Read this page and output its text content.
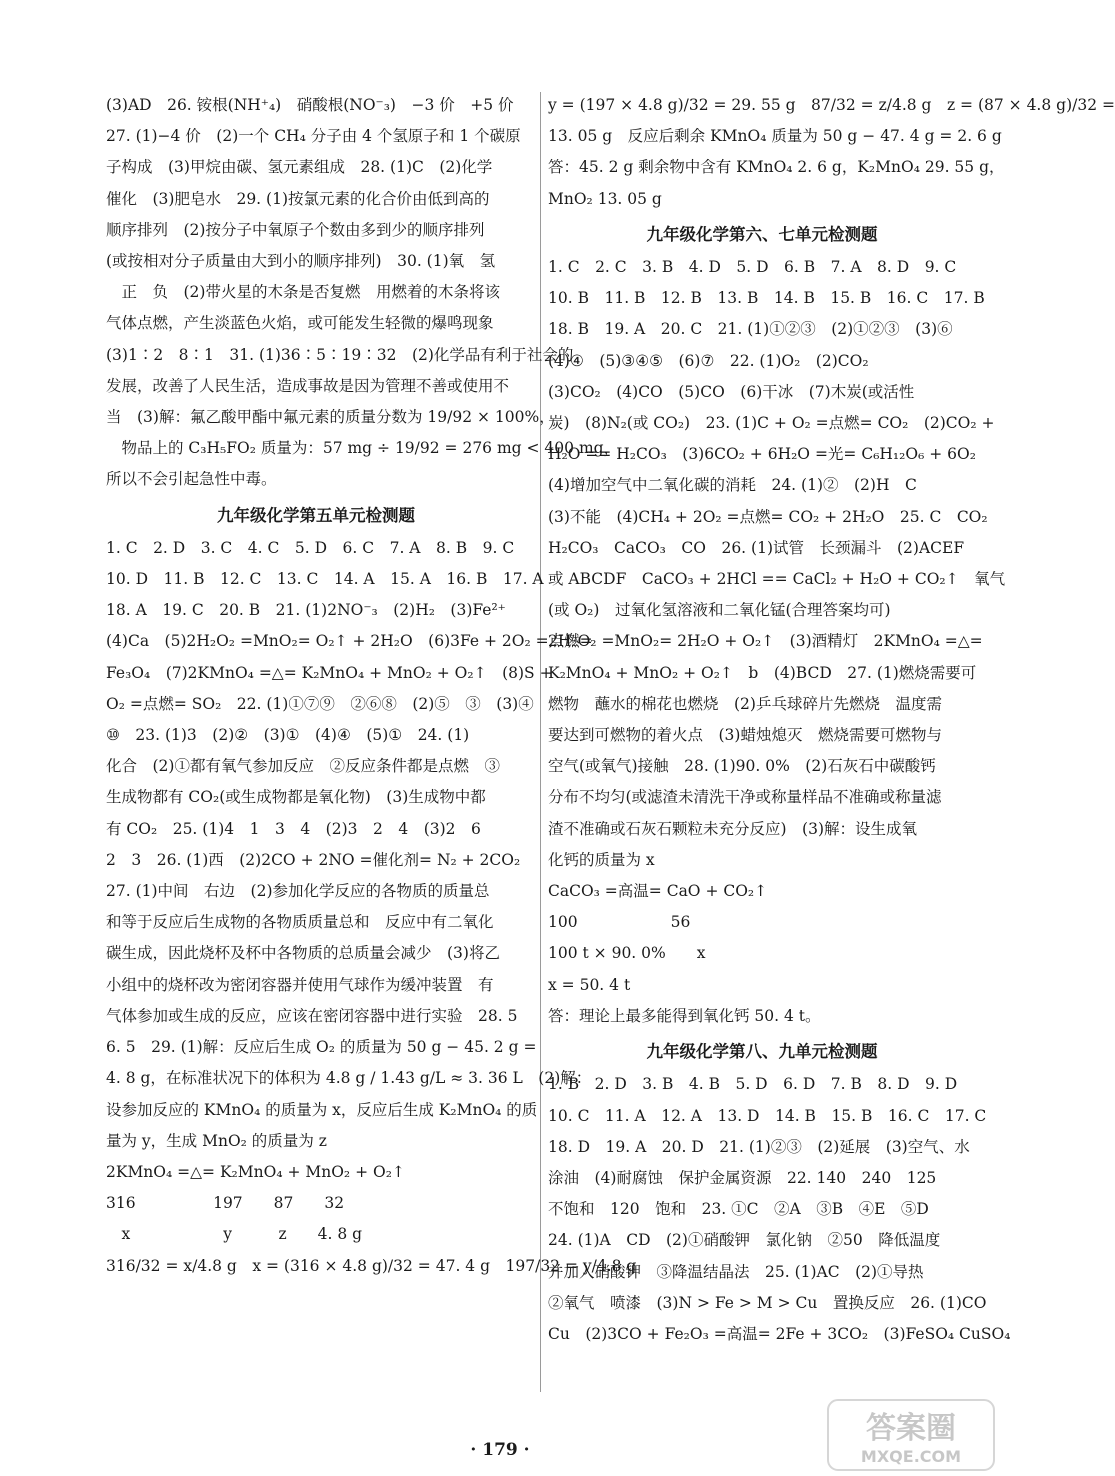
(3)AD　26. 铵根(NH⁺₄)　硝酸根(NO⁻₃)　−3 价　+5 价
27. (1)−4 价　(2)一个 CH₄ 分子由 4 个氢原子和 1 个碳原
子构成　(3)甲烷由碳、氢元素组成　28. (1)C　(2)化学
催化　(3)肥皂水　29. (1)按氯元素的化合价由低到高的
顺序排列　(2)按分子中氧原子个数由多到少的顺序排列
(或按相对分子质量由大到小的顺序排列)　30. (1)氧　氢
　正　负　(2)带火星的木条是否复燃　用燃着的木条将该
气体点燃，产生淡蓝色火焰，或可能发生轻微的爆鸣现象
(3)1∶2　8∶1　31. (1)36∶5∶19∶32　(2)化学品有利于社会的
发展，改善了人民生活，造成事故是因为管理不善或使用不
当　(3)解：氟乙酸甲酯中氟元素的质量分数为 19/92 × 100%，
　物品上的 C₃H₅FO₂ 质量为：57 mg ÷ 19/92 = 276 mg < 400 mg，
所以不会引起急性中毒。
九年级化学第五单元检测题
1. C　2. D　3. C　4. C　5. D　6. C　7. A　8. B　9. C
10. D　11. B　12. C　13. C　14. A　15. A　16. B　17. A
18. A　19. C　20. B　21. (1)2NO⁻₃　(2)H₂　(3)Fe²⁺
(4)Ca　(5)2H₂O₂ =MnO₂= O₂↑ + 2H₂O　(6)3Fe + 2O₂ =点燃=
Fe₃O₄　(7)2KMnO₄ =△= K₂MnO₄ + MnO₂ + O₂↑　(8)S +
O₂ =点燃= SO₂　22. (1)①⑦⑨　②⑥⑧　(2)⑤　③　(3)④
⑩　23. (1)3　(2)②　(3)①　(4)④　(5)①　24. (1)
化合　(2)①都有氧气参加反应　②反应条件都是点燃　③
生成物都有 CO₂(或生成物都是氧化物)　(3)生成物中都
有 CO₂　25. (1)4　1　3　4　(2)3　2　4　(3)2　6
2　3　26. (1)西　(2)2CO + 2NO =催化剂= N₂ + 2CO₂
27. (1)中间　右边　(2)参加化学反应的各物质的质量总
和等于反应后生成物的各物质质量总和　反应中有二氧化
碳生成，因此烧杯及杯中各物质的总质量会减少　(3)将乙
小组中的烧杯改为密闭容器并使用气球作为缓冲装置　有
气体参加或生成的反应，应该在密闭容器中进行实验　28. 5
6. 5　29. (1)解：反应后生成 O₂ 的质量为 50 g − 45. 2 g =
4. 8 g，在标准状况下的体积为 4.8 g / 1.43 g/L ≈ 3. 36 L　(2)解：
设参加反应的 KMnO₄ 的质量为 x，反应后生成 K₂MnO₄ 的质
量为 y，生成 MnO₂ 的质量为 z
2KMnO₄ =△= K₂MnO₄ + MnO₂ + O₂↑
316　　　　　197　　87　　32
　x　　　　　　y　　　z　　4. 8 g
316/32 = x/4.8 g　x = (316 × 4.8 g)/32 = 47. 4 g　197/32 = y/4.8 g
y = (197 × 4.8 g)/32 = 29. 55 g　87/32 = z/4.8 g　z = (87 × 4.8 g)/32 =
13. 05 g　反应后剩余 KMnO₄ 质量为 50 g − 47. 4 g = 2. 6 g
答：45. 2 g 剩余物中含有 KMnO₄ 2. 6 g，K₂MnO₄ 29. 55 g，
MnO₂ 13. 05 g
九年级化学第六、七单元检测题
1. C　2. C　3. B　4. D　5. D　6. B　7. A　8. D　9. C
10. B　11. B　12. B　13. B　14. B　15. B　16. C　17. B
18. B　19. A　20. C　21. (1)①②③　(2)①②③　(3)⑥
(4)④　(5)③④⑤　(6)⑦　22. (1)O₂　(2)CO₂
(3)CO₂　(4)CO　(5)CO　(6)干冰　(7)木炭(或活性
炭)　(8)N₂(或 CO₂)　23. (1)C + O₂ =点燃= CO₂　(2)CO₂ +
H₂O == H₂CO₃　(3)6CO₂ + 6H₂O =光= C₆H₁₂O₆ + 6O₂
(4)增加空气中二氧化碳的消耗　24. (1)②　(2)H　C
(3)不能　(4)CH₄ + 2O₂ =点燃= CO₂ + 2H₂O　25. C　CO₂
H₂CO₃　CaCO₃　CO　26. (1)试管　长颈漏斗　(2)ACEF
或 ABCDF　CaCO₃ + 2HCl == CaCl₂ + H₂O + CO₂↑　氧气
(或 O₂)　过氧化氢溶液和二氧化锰(合理答案均可)
2H₂O₂ =MnO₂= 2H₂O + O₂↑　(3)酒精灯　2KMnO₄ =△=
K₂MnO₄ + MnO₂ + O₂↑　b　(4)BCD　27. (1)燃烧需要可
燃物　蘸水的棉花也燃烧　(2)乒乓球碎片先燃烧　温度需
要达到可燃物的着火点　(3)蜡烛熄灭　燃烧需要可燃物与
空气(或氧气)接触　28. (1)90. 0%　(2)石灰石中碳酸钙
分布不均匀(或滤渣未清洗干净或称量样品不准确或称量滤
渣不准确或石灰石颗粒未充分反应)　(3)解：设生成氧
化钙的质量为 x
CaCO₃ =高温= CaO + CO₂↑
100　　　　　　56
100 t × 90. 0%　　x
x = 50. 4 t
答：理论上最多能得到氧化钙 50. 4 t。
九年级化学第八、九单元检测题
1. B　2. D　3. B　4. B　5. D　6. D　7. B　8. D　9. D
10. C　11. A　12. A　13. D　14. B　15. B　16. C　17. C
18. D　19. A　20. D　21. (1)②③　(2)延展　(3)空气、水
涂油　(4)耐腐蚀　保护金属资源　22. 140　240　125
不饱和　120　饱和　23. ①C　②A　③B　④E　⑤D
24. (1)A　CD　(2)①硝酸钾　氯化钠　②50　降低温度
并加入硝酸钾　③降温结晶法　25. (1)AC　(2)①导热
②氧气　喷漆　(3)N > Fe > M > Cu　置换反应　26. (1)CO
Cu　(2)3CO + Fe₂O₃ =高温= 2Fe + 3CO₂　(3)FeSO₄ CuSO₄
· 179 ·
答案圈
MXQE.COM
